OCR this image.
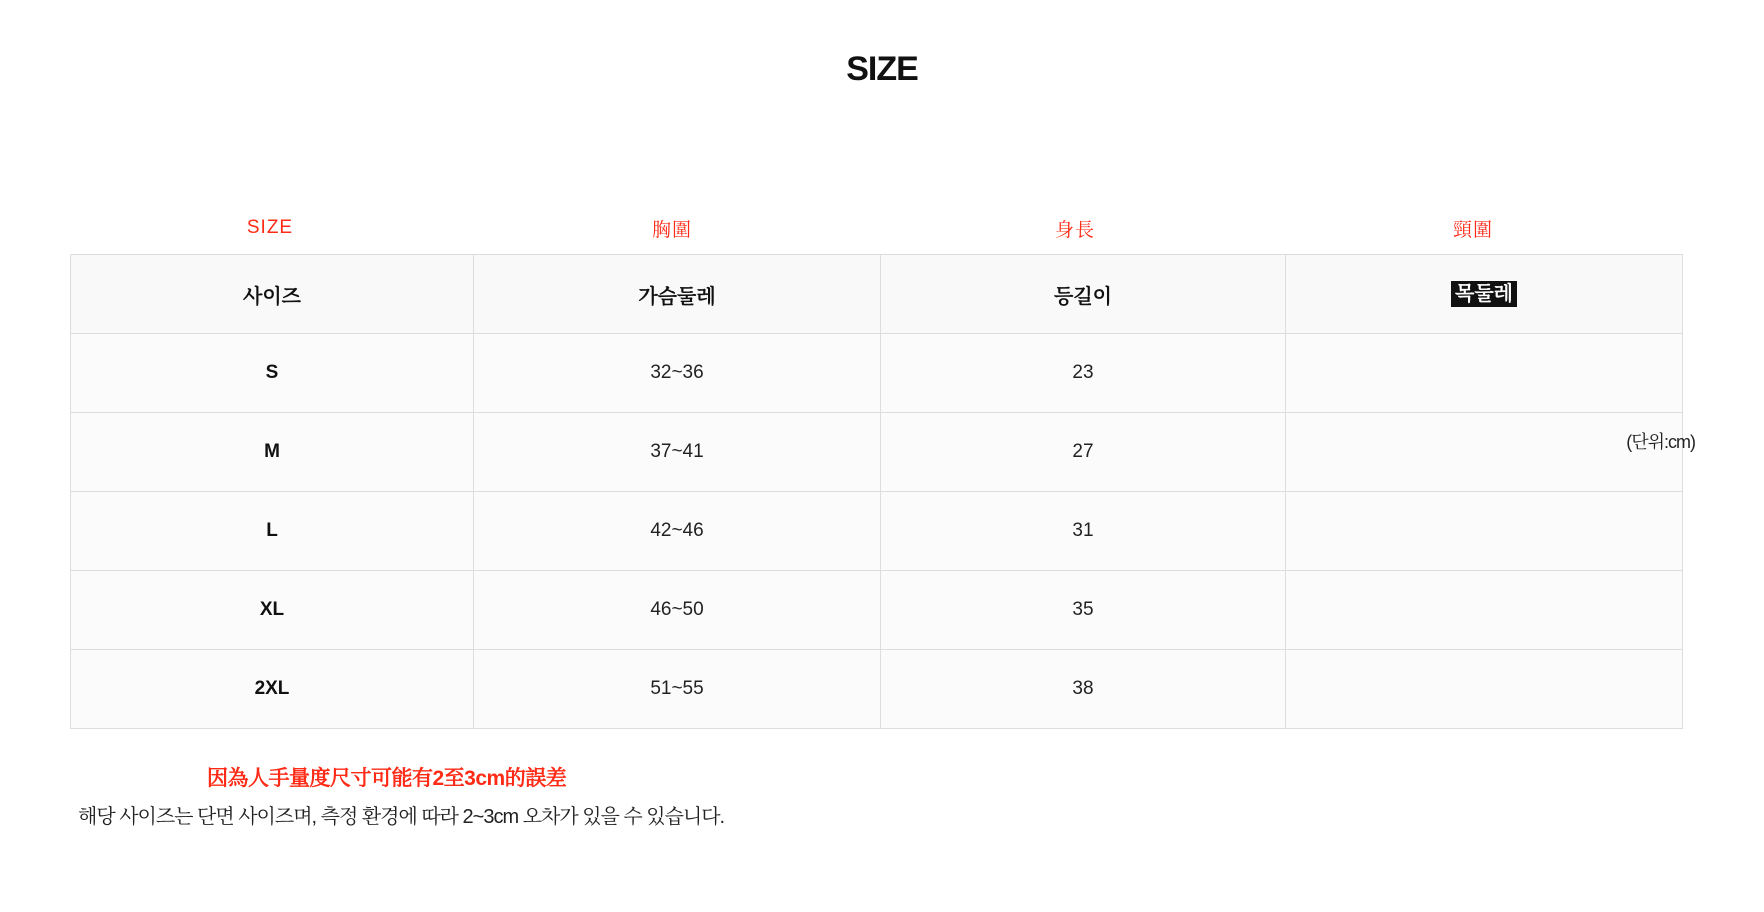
SIZE
SIZE	胸圍	身長	頸圍
(단위:cm)
사이즈	가슴둘레	등길이	목둘레
S	32~36	23	
M	37~41	27	
L	42~46	31	
XL	46~50	35	
2XL	51~55	38	
因為人手量度尺寸可能有2至3cm的誤差
해당 사이즈는 단면 사이즈며, 측정 환경에 따라 2~3cm 오차가 있을 수 있습니다.
